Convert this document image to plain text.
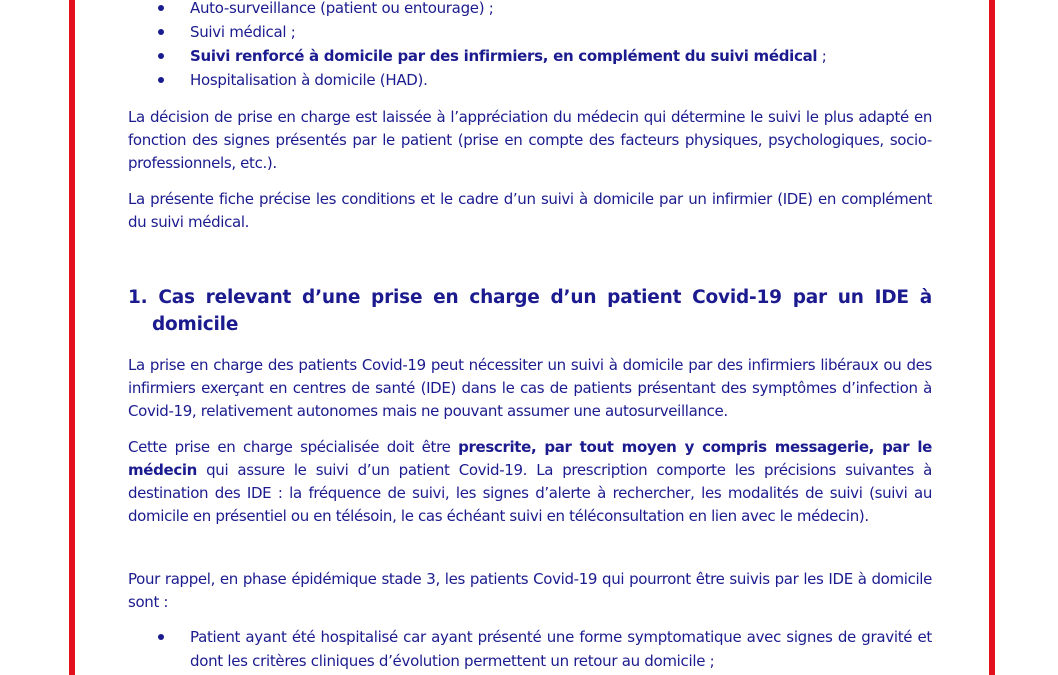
Auto-surveillance (patient ou entourage) ;
Suivi médical ;
Suivi renforcé à domicile par des infirmiers, en complément du suivi médical ;
Hospitalisation à domicile (HAD).

La décision de prise en charge est laissée à l’appréciation du médecin qui détermine le suivi le plus adapté en fonction des signes présentés par le patient (prise en compte des facteurs physiques, psychologiques, socio-professionnels, etc.).

La présente fiche précise les conditions et le cadre d’un suivi à domicile par un infirmier (IDE) en complément du suivi médical.

1. Cas relevant d’une prise en charge d’un patient Covid-19 par un IDE à domicile

La prise en charge des patients Covid-19 peut nécessiter un suivi à domicile par des infirmiers libéraux ou des infirmiers exerçant en centres de santé (IDE) dans le cas de patients présentant des symptômes d’infection à Covid-19, relativement autonomes mais ne pouvant assumer une autosurveillance.

Cette prise en charge spécialisée doit être prescrite, par tout moyen y compris messagerie, par le médecin qui assure le suivi d’un patient Covid-19. La prescription comporte les précisions suivantes à destination des IDE : la fréquence de suivi, les signes d’alerte à rechercher, les modalités de suivi (suivi au domicile en présentiel ou en télésoin, le cas échéant suivi en téléconsultation en lien avec le médecin).

Pour rappel, en phase épidémique stade 3, les patients Covid-19 qui pourront être suivis par les IDE à domicile sont :

Patient ayant été hospitalisé car ayant présenté une forme symptomatique avec signes de gravité et dont les critères cliniques d’évolution permettent un retour au domicile ;
